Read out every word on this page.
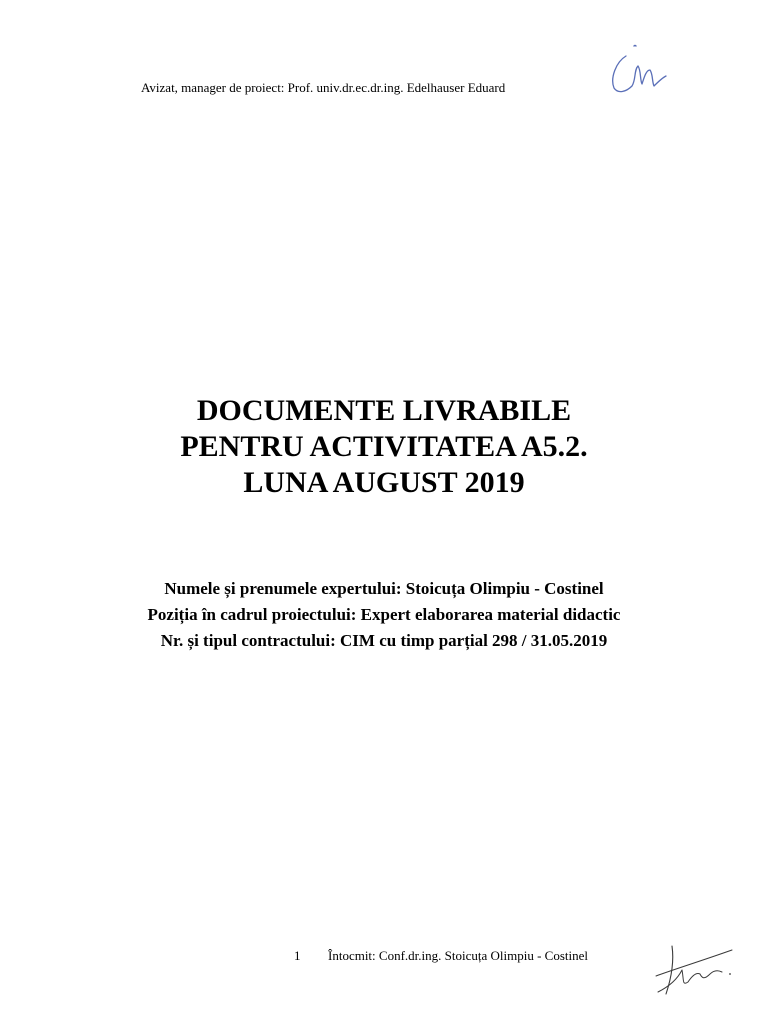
Avizat, manager de proiect: Prof. univ.dr.ec.dr.ing. Edelhauser Eduard
DOCUMENTE LIVRABILE
PENTRU ACTIVITATEA A5.2.
LUNA AUGUST 2019
Numele și prenumele expertului: Stoicuța Olimpiu - Costinel
Poziția în cadrul proiectului: Expert elaborarea material didactic
Nr. și tipul contractului: CIM cu timp parțial 298 / 31.05.2019
1 Întocmit: Conf.dr.ing. Stoicuța Olimpiu - Costinel
